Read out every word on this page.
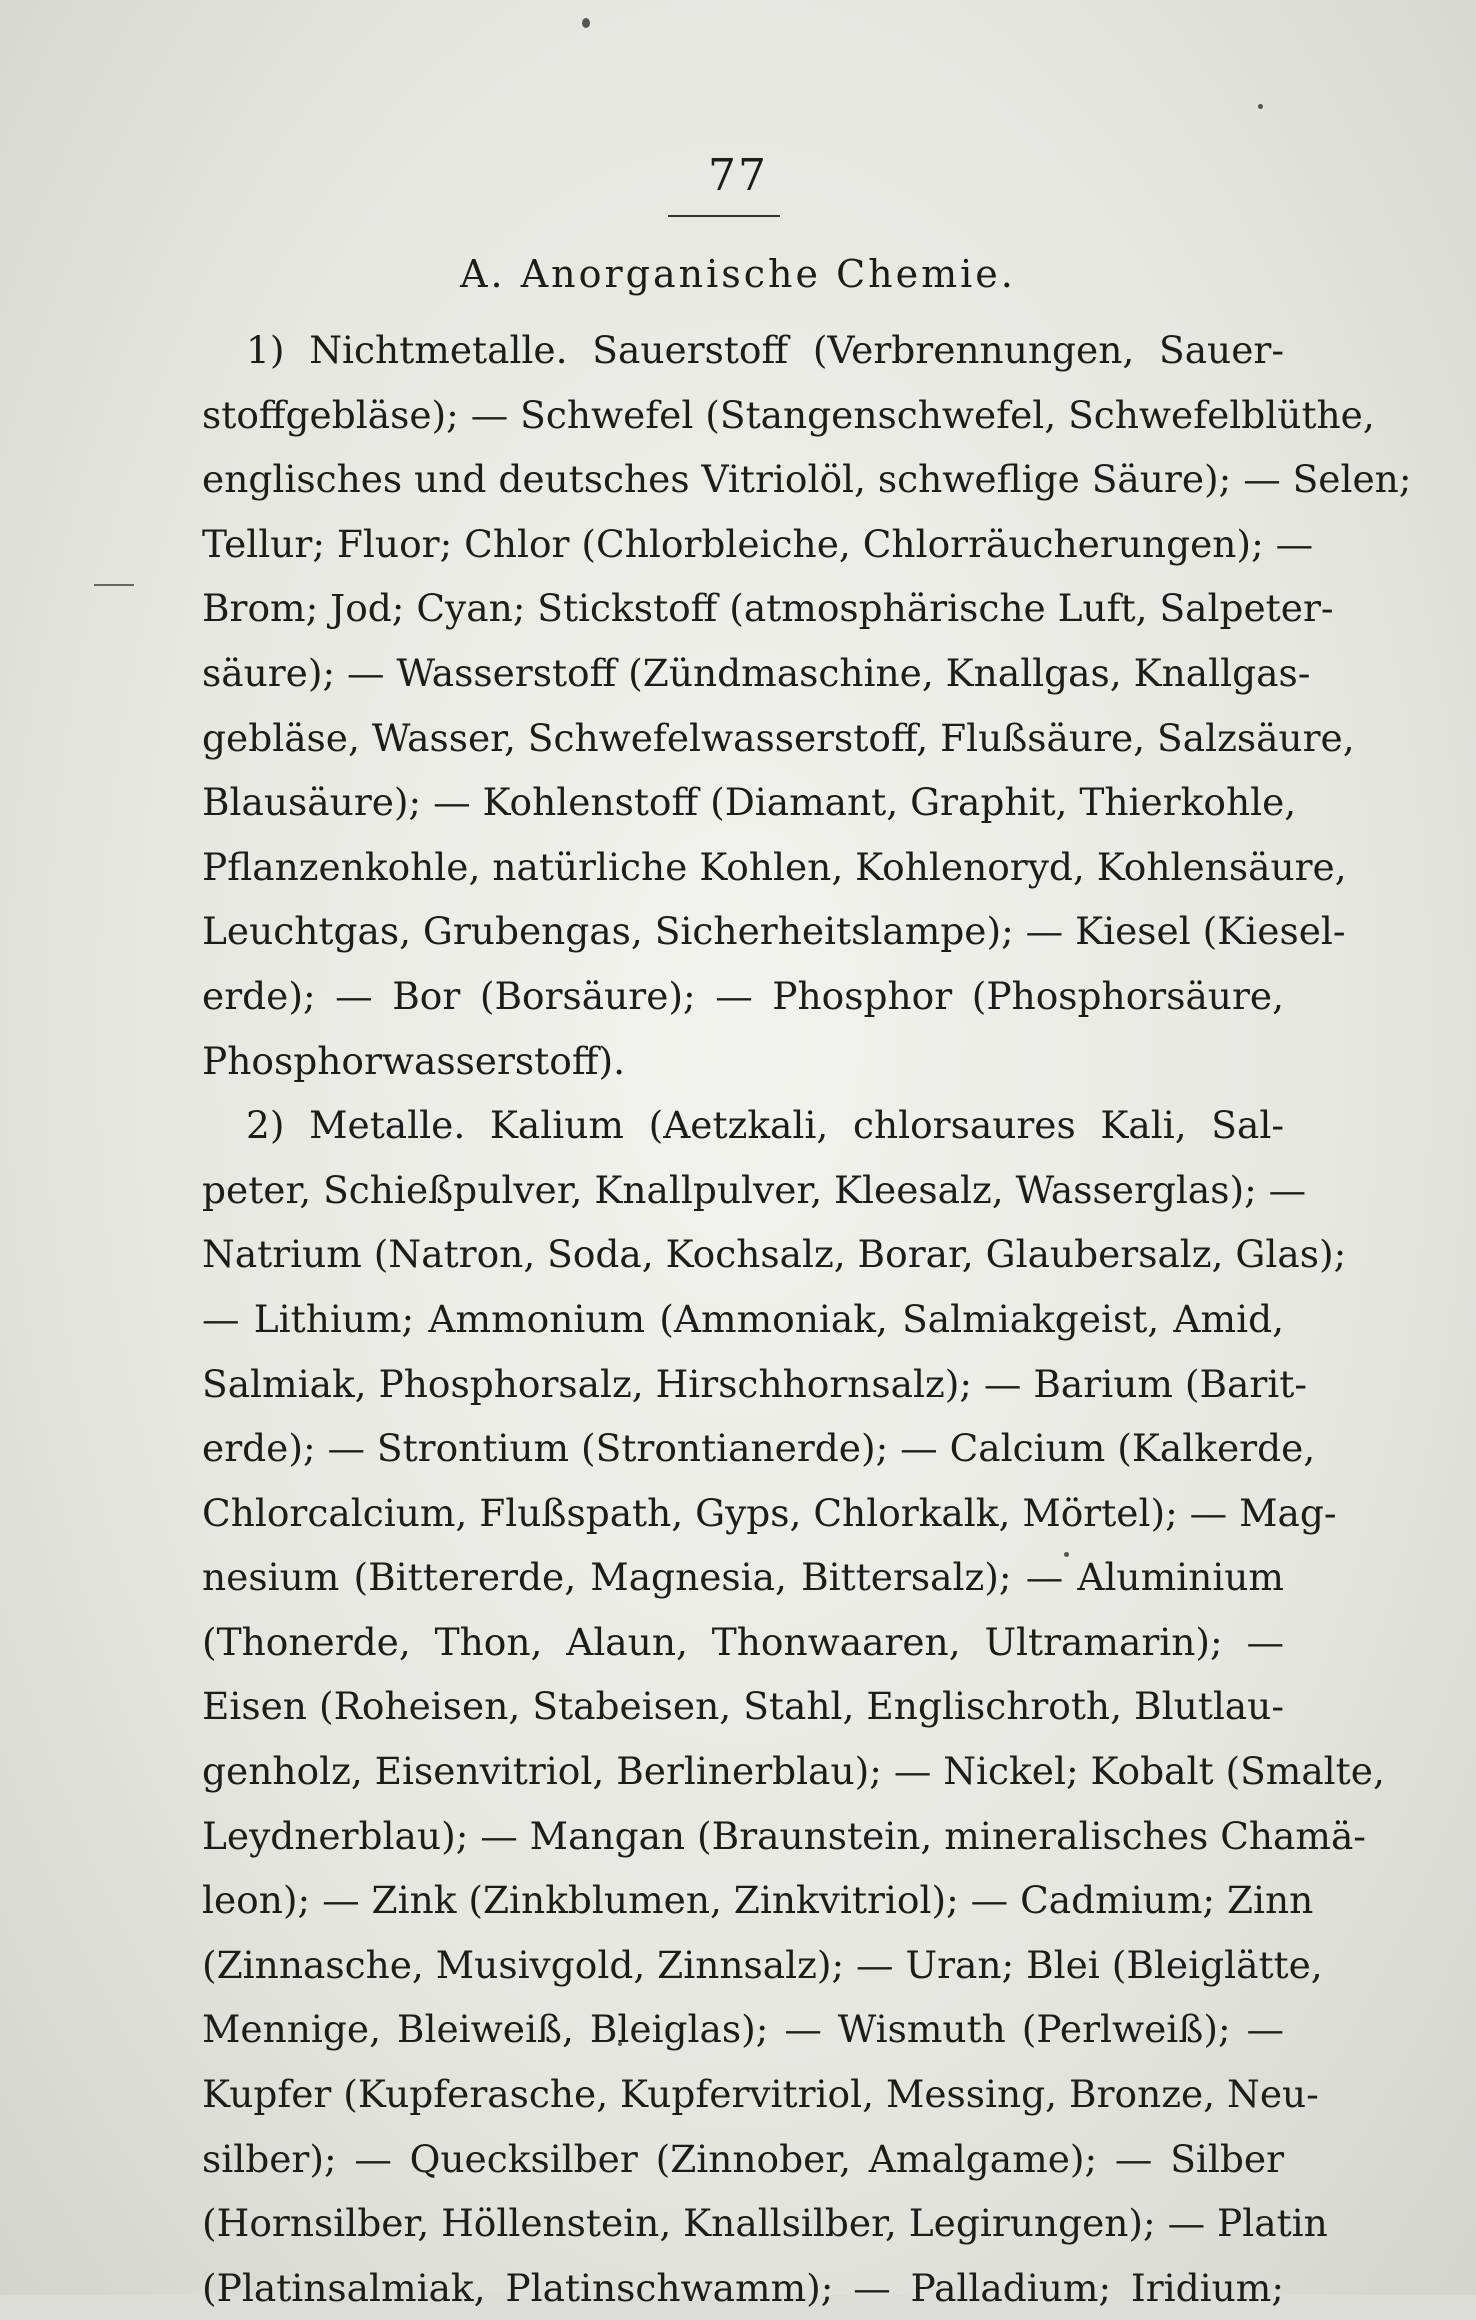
77
A. Anorganische Chemie.
1) Nichtmetalle. Sauerstoff (Verbrennungen, Sauer-
stoffgebläse); — Schwefel (Stangenschwefel, Schwefelblüthe,
englisches und deutsches Vitriolöl, schweflige Säure); — Selen;
Tellur; Fluor; Chlor (Chlorbleiche, Chlorräucherungen); —
Brom; Jod; Cyan; Stickstoff (atmosphärische Luft, Salpeter-
säure); — Wasserstoff (Zündmaschine, Knallgas, Knallgas-
gebläse, Wasser, Schwefelwasserstoff, Flußsäure, Salzsäure,
Blausäure); — Kohlenstoff (Diamant, Graphit, Thierkohle,
Pflanzenkohle, natürliche Kohlen, Kohlenoryd, Kohlensäure,
Leuchtgas, Grubengas, Sicherheitslampe); — Kiesel (Kiesel-
erde); — Bor (Borsäure); — Phosphor (Phosphorsäure,
Phosphorwasserstoff).
2) Metalle. Kalium (Aetzkali, chlorsaures Kali, Sal-
peter, Schießpulver, Knallpulver, Kleesalz, Wasserglas); —
Natrium (Natron, Soda, Kochsalz, Borar, Glaubersalz, Glas);
— Lithium; Ammonium (Ammoniak, Salmiakgeist, Amid,
Salmiak, Phosphorsalz, Hirschhornsalz); — Barium (Barit-
erde); — Strontium (Strontianerde); — Calcium (Kalkerde,
Chlorcalcium, Flußspath, Gyps, Chlorkalk, Mörtel); — Mag-
nesium (Bittererde, Magnesia, Bittersalz); — Aluminium
(Thonerde, Thon, Alaun, Thonwaaren, Ultramarin); —
Eisen (Roheisen, Stabeisen, Stahl, Englischroth, Blutlau-
genholz, Eisenvitriol, Berlinerblau); — Nickel; Kobalt (Smalte,
Leydnerblau); — Mangan (Braunstein, mineralisches Chamä-
leon); — Zink (Zinkblumen, Zinkvitriol); — Cadmium; Zinn
(Zinnasche, Musivgold, Zinnsalz); — Uran; Blei (Bleiglätte,
Mennige, Bleiweiß, Bleiglas); — Wismuth (Perlweiß); —
Kupfer (Kupferasche, Kupfervitriol, Messing, Bronze, Neu-
silber); — Quecksilber (Zinnober, Amalgame); — Silber
(Hornsilber, Höllenstein, Knallsilber, Legirungen); — Platin
(Platinsalmiak, Platinschwamm); — Palladium; Iridium;
